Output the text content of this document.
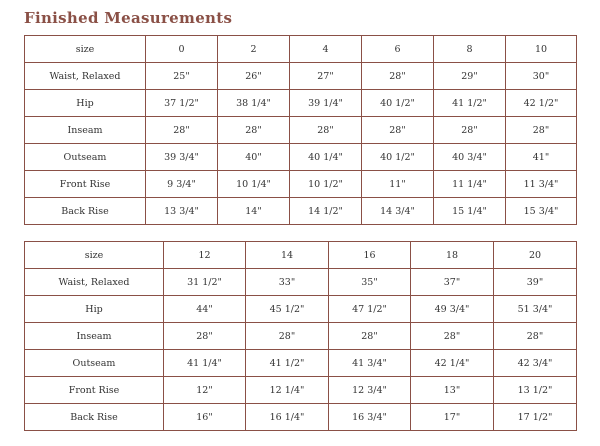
Finished Measurements
size	0	2	4	6	8	10
Waist, Relaxed	25"	26"	27"	28"	29"	30"
Hip	37 1/2"	38 1/4"	39 1/4"	40 1/2"	41 1/2"	42 1/2"
Inseam	28"	28"	28"	28"	28"	28"
Outseam	39 3/4"	40"	40 1/4"	40 1/2"	40 3/4"	41"
Front Rise	9 3/4"	10 1/4"	10 1/2"	11"	11 1/4"	11 3/4"
Back Rise	13 3/4"	14"	14 1/2"	14 3/4"	15 1/4"	15 3/4"
size	12	14	16	18	20
Waist, Relaxed	31 1/2"	33"	35"	37"	39"
Hip	44"	45 1/2"	47 1/2"	49 3/4"	51 3/4"
Inseam	28"	28"	28"	28"	28"
Outseam	41 1/4"	41 1/2"	41 3/4"	42 1/4"	42 3/4"
Front Rise	12"	12 1/4"	12 3/4"	13"	13 1/2"
Back Rise	16"	16 1/4"	16 3/4"	17"	17 1/2"
